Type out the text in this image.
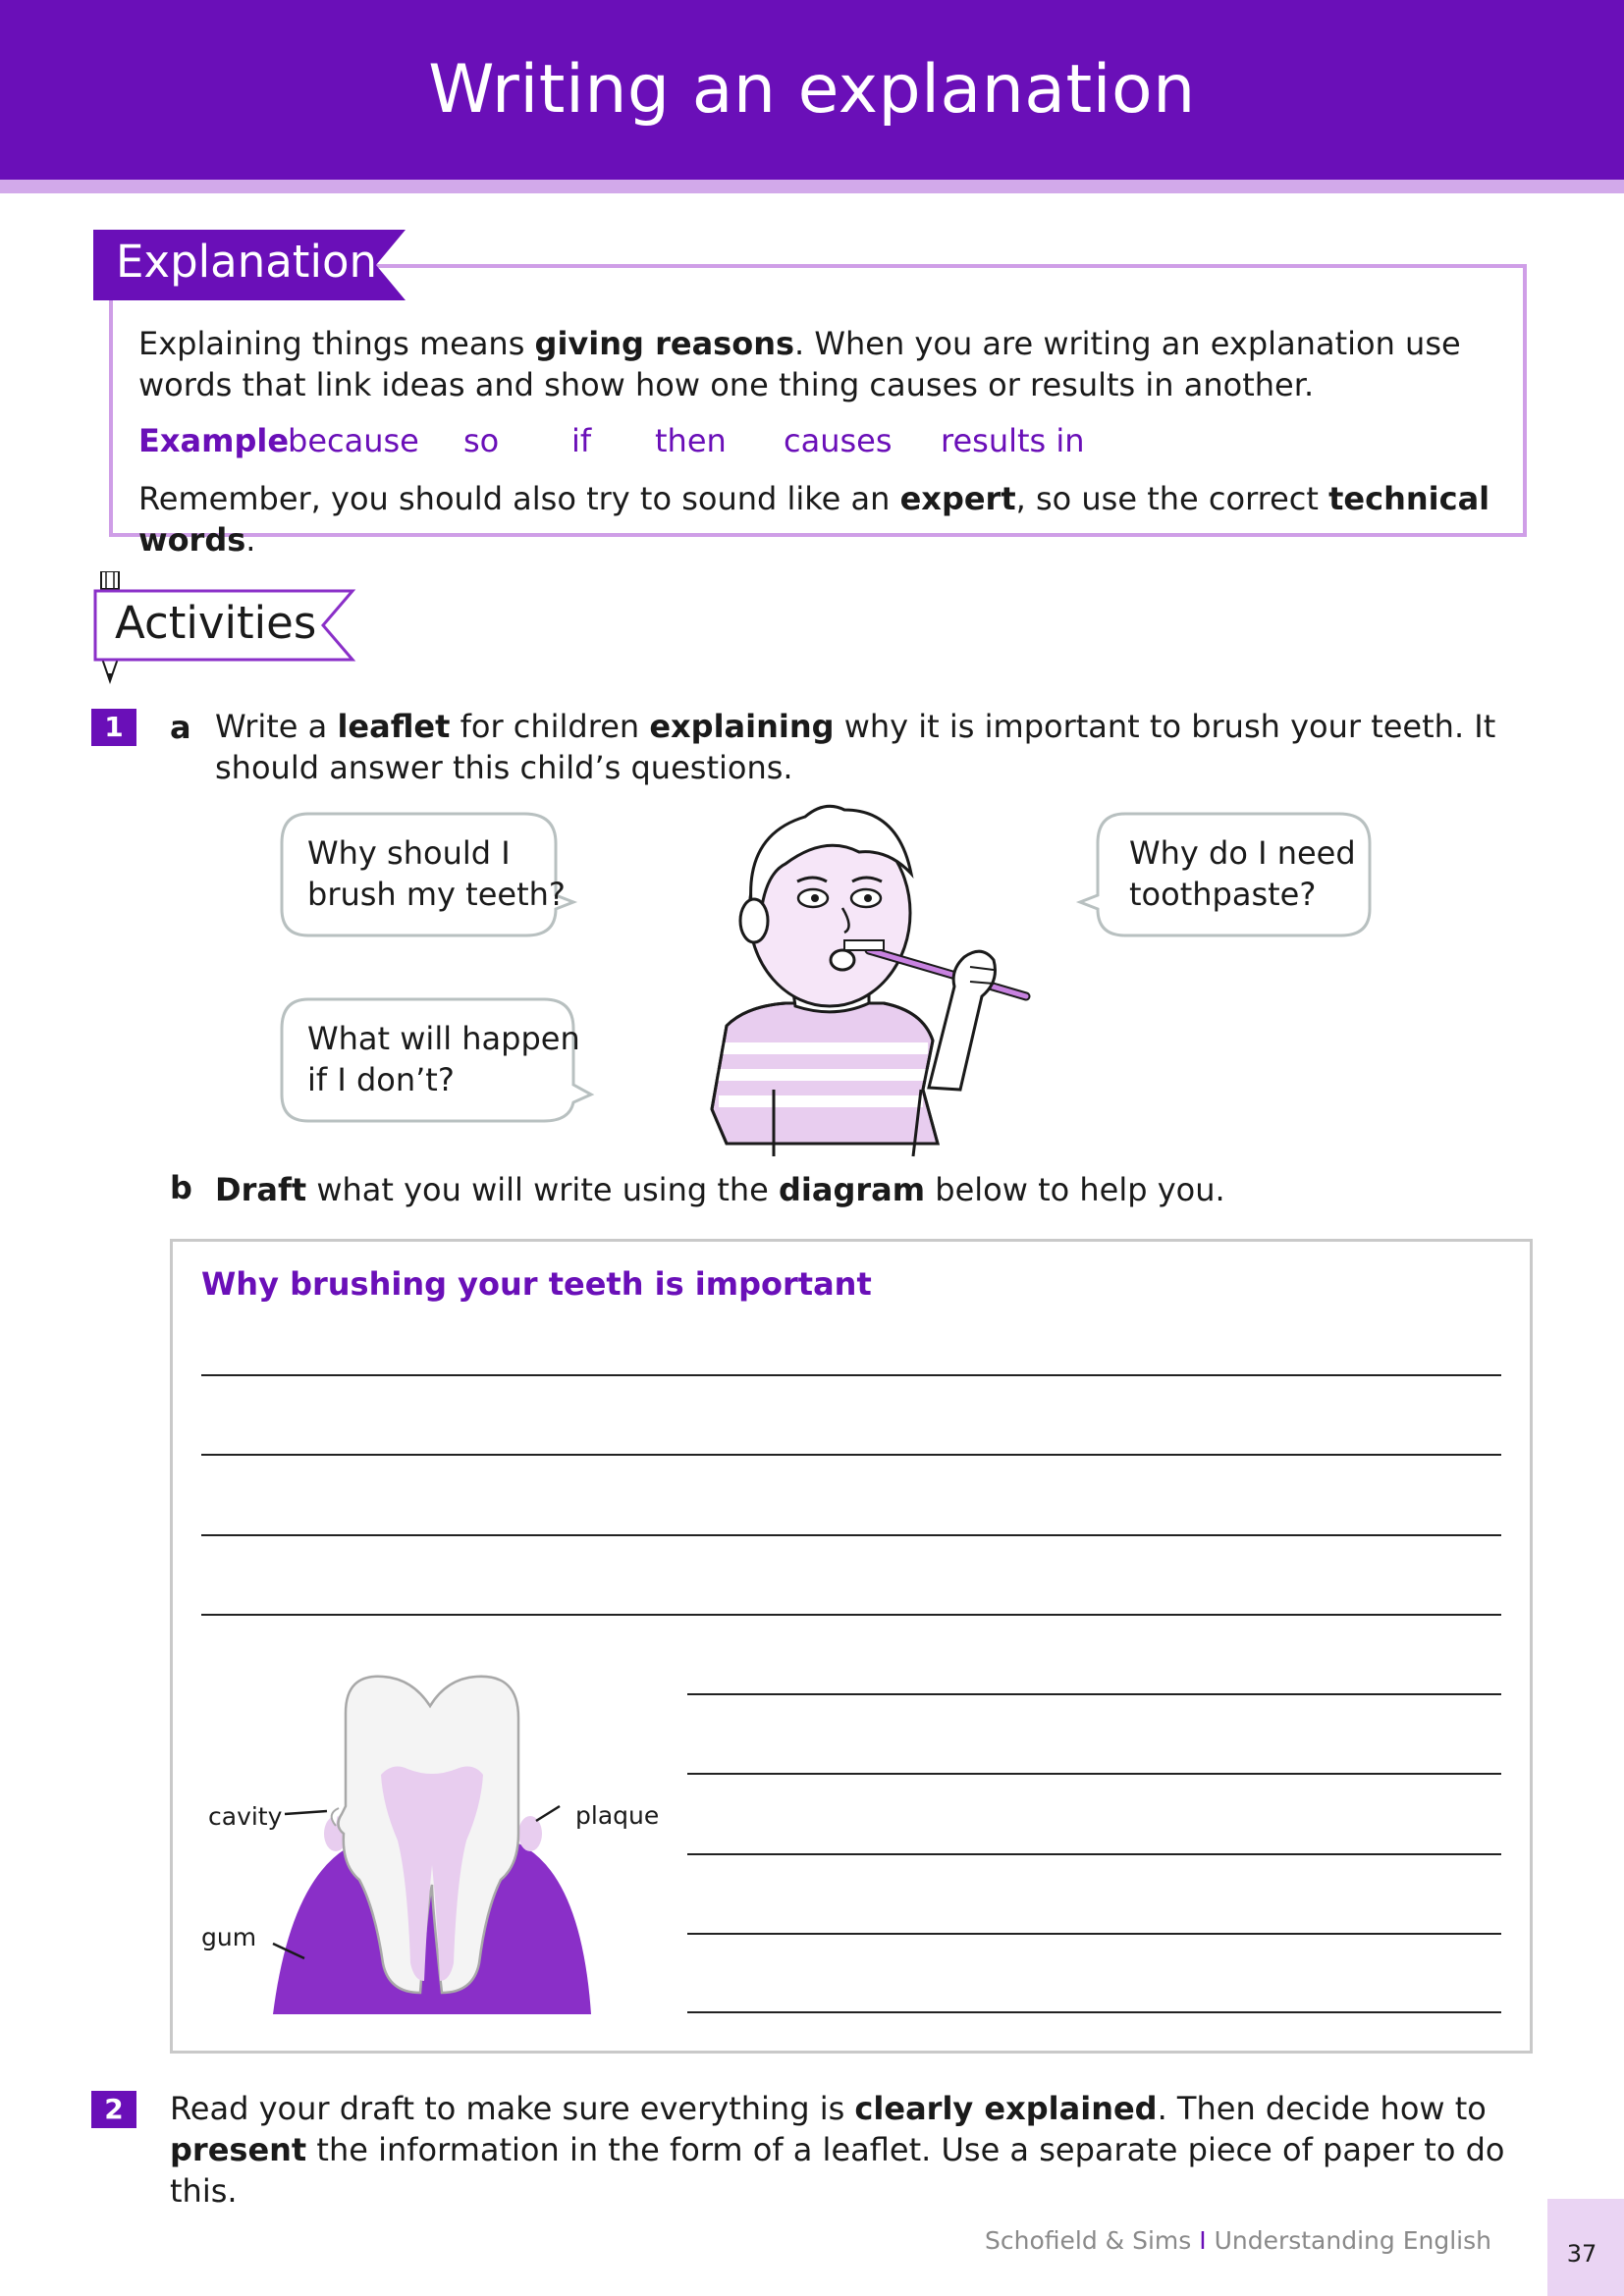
Writing an explanation
Explanation
Explaining things means giving reasons. When you are writing an explanation use words that link ideas and show how one thing causes or results in another.
Example
because so if then causes results in
Remember, you should also try to sound like an expert, so use the correct technical words.
Activities
1	a Write a leaflet for children explaining why it is important to brush your teeth. It should answer this child’s questions.
Why should I
brush my teeth?
What will happen
if I don’t?
Why do I need
toothpaste?
b Draft what you will write using the diagram below to help you.
Why brushing your teeth is important
cavity	plaque
gum
2	Read your draft to make sure everything is clearly explained. Then decide how to present the information in the form of a leaflet. Use a separate piece of paper to do this.
Schofield & Sims I Understanding English	37
